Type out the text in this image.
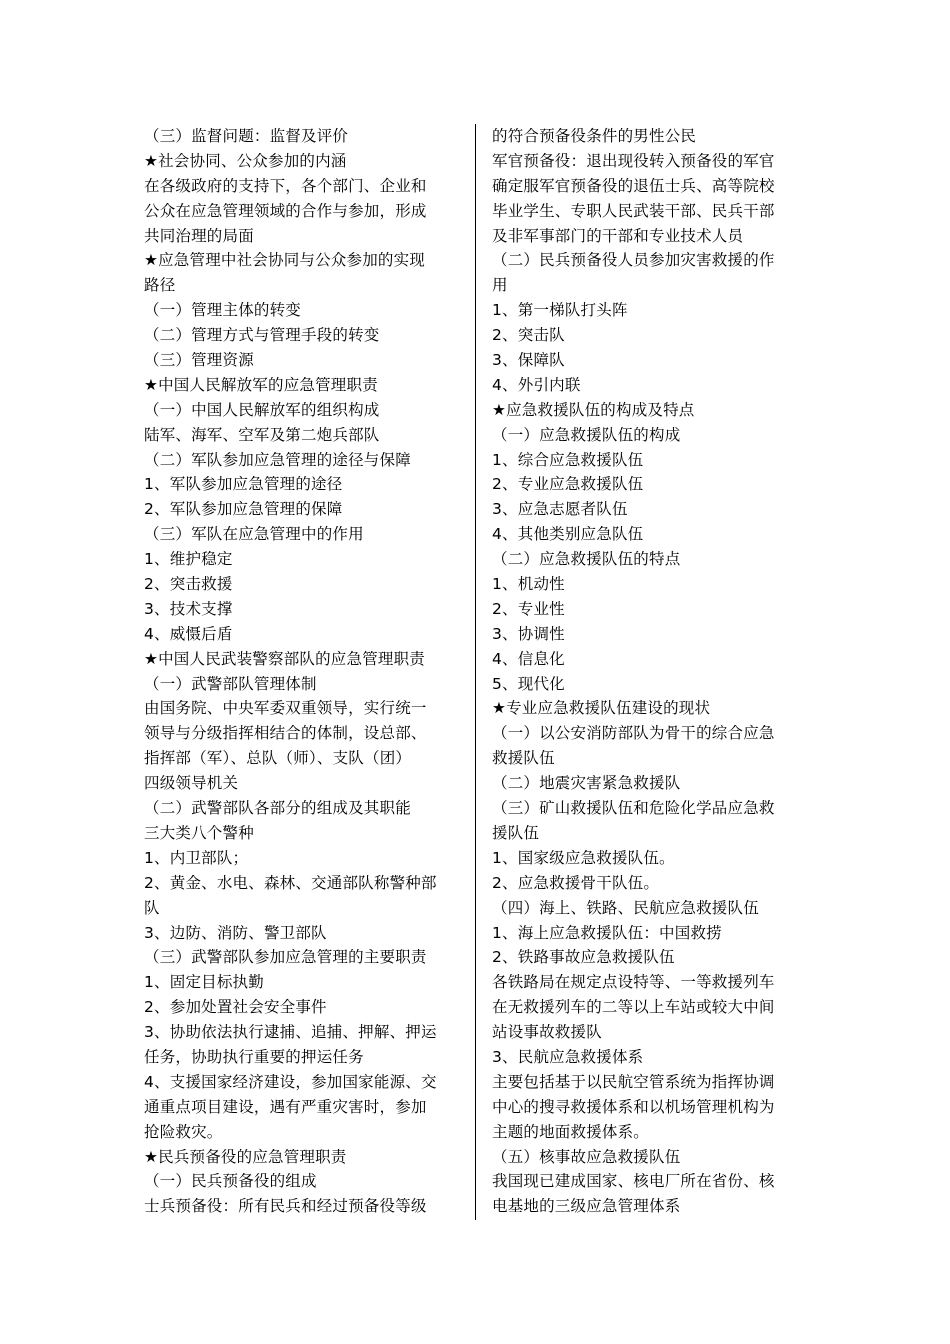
（三）监督问题：监督及评价
★社会协同、公众参加的内涵
在各级政府的支持下，各个部门、企业和
公众在应急管理领域的合作与参加，形成
共同治理的局面
★应急管理中社会协同与公众参加的实现
路径
（一）管理主体的转变
（二）管理方式与管理手段的转变
（三）管理资源
★中国人民解放军的应急管理职责
（一）中国人民解放军的组织构成
陆军、海军、空军及第二炮兵部队
（二）军队参加应急管理的途径与保障
1、军队参加应急管理的途径
2、军队参加应急管理的保障
（三）军队在应急管理中的作用
1、维护稳定
2、突击救援
3、技术支撑
4、威慑后盾
★中国人民武装警察部队的应急管理职责
（一）武警部队管理体制
由国务院、中央军委双重领导，实行统一
领导与分级指挥相结合的体制，设总部、
指挥部（军）、总队（师）、支队（团）
四级领导机关
（二）武警部队各部分的组成及其职能
三大类八个警种
1、内卫部队；
2、黄金、水电、森林、交通部队称警种部
队
3、边防、消防、警卫部队
（三）武警部队参加应急管理的主要职责
1、固定目标执勤
2、参加处置社会安全事件
3、协助依法执行逮捕、追捕、押解、押运
任务，协助执行重要的押运任务
4、支援国家经济建设，参加国家能源、交
通重点项目建设，遇有严重灾害时，参加
抢险救灾。
★民兵预备役的应急管理职责
（一）民兵预备役的组成
士兵预备役：所有民兵和经过预备役等级
的符合预备役条件的男性公民
军官预备役：退出现役转入预备役的军官
确定服军官预备役的退伍士兵、高等院校
毕业学生、专职人民武装干部、民兵干部
及非军事部门的干部和专业技术人员
（二）民兵预备役人员参加灾害救援的作
用
1、第一梯队打头阵
2、突击队
3、保障队
4、外引内联
★应急救援队伍的构成及特点
（一）应急救援队伍的构成
1、综合应急救援队伍
2、专业应急救援队伍
3、应急志愿者队伍
4、其他类别应急队伍
（二）应急救援队伍的特点
1、机动性
2、专业性
3、协调性
4、信息化
5、现代化
★专业应急救援队伍建设的现状
（一）以公安消防部队为骨干的综合应急
救援队伍
（二）地震灾害紧急救援队
（三）矿山救援队伍和危险化学品应急救
援队伍
1、国家级应急救援队伍。
2、应急救援骨干队伍。
（四）海上、铁路、民航应急救援队伍
1、海上应急救援队伍：中国救捞
2、铁路事故应急救援队伍
各铁路局在规定点设特等、一等救援列车
在无救援列车的二等以上车站或较大中间
站设事故救援队
3、民航应急救援体系
主要包括基于以民航空管系统为指挥协调
中心的搜寻救援体系和以机场管理机构为
主题的地面救援体系。
（五）核事故应急救援队伍
我国现已建成国家、核电厂所在省份、核
电基地的三级应急管理体系
